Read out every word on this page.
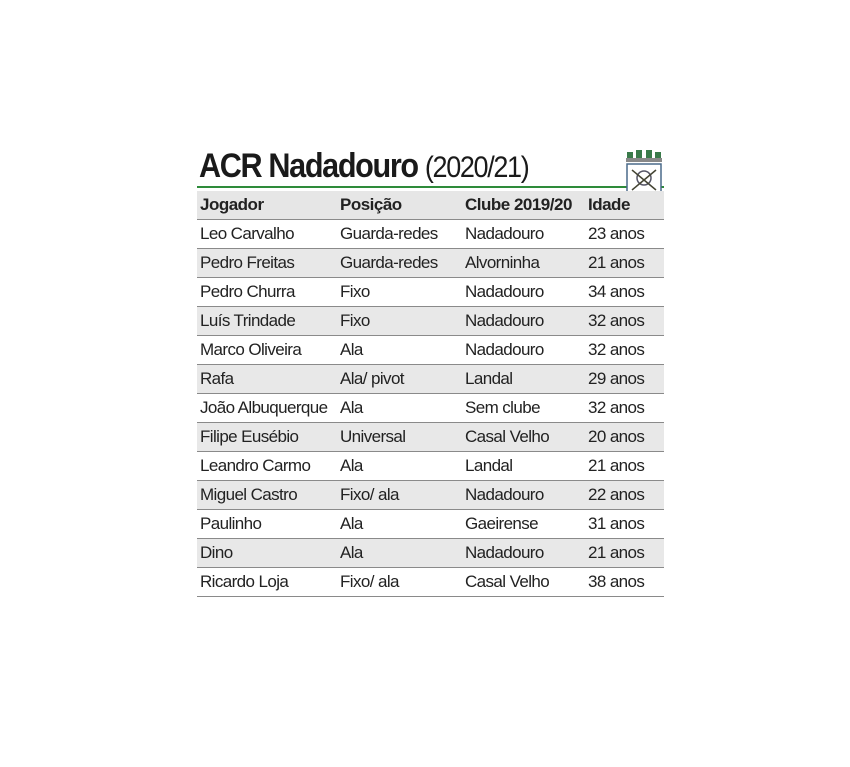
ACR Nadadouro (2020/21)
Jogador	Posição	Clube 2019/20	Idade
Leo Carvalho	Guarda-redes	Nadadouro	23 anos
Pedro Freitas	Guarda-redes	Alvorninha	21 anos
Pedro Churra	Fixo	Nadadouro	34 anos
Luís Trindade	Fixo	Nadadouro	32 anos
Marco Oliveira	Ala	Nadadouro	32 anos
Rafa	Ala/ pivot	Landal	29 anos
João Albuquerque	Ala	Sem clube	32 anos
Filipe Eusébio	Universal	Casal Velho	20 anos
Leandro Carmo	Ala	Landal	21 anos
Miguel Castro	Fixo/ ala	Nadadouro	22 anos
Paulinho	Ala	Gaeirense	31 anos
Dino	Ala	Nadadouro	21 anos
Ricardo Loja	Fixo/ ala	Casal Velho	38 anos
